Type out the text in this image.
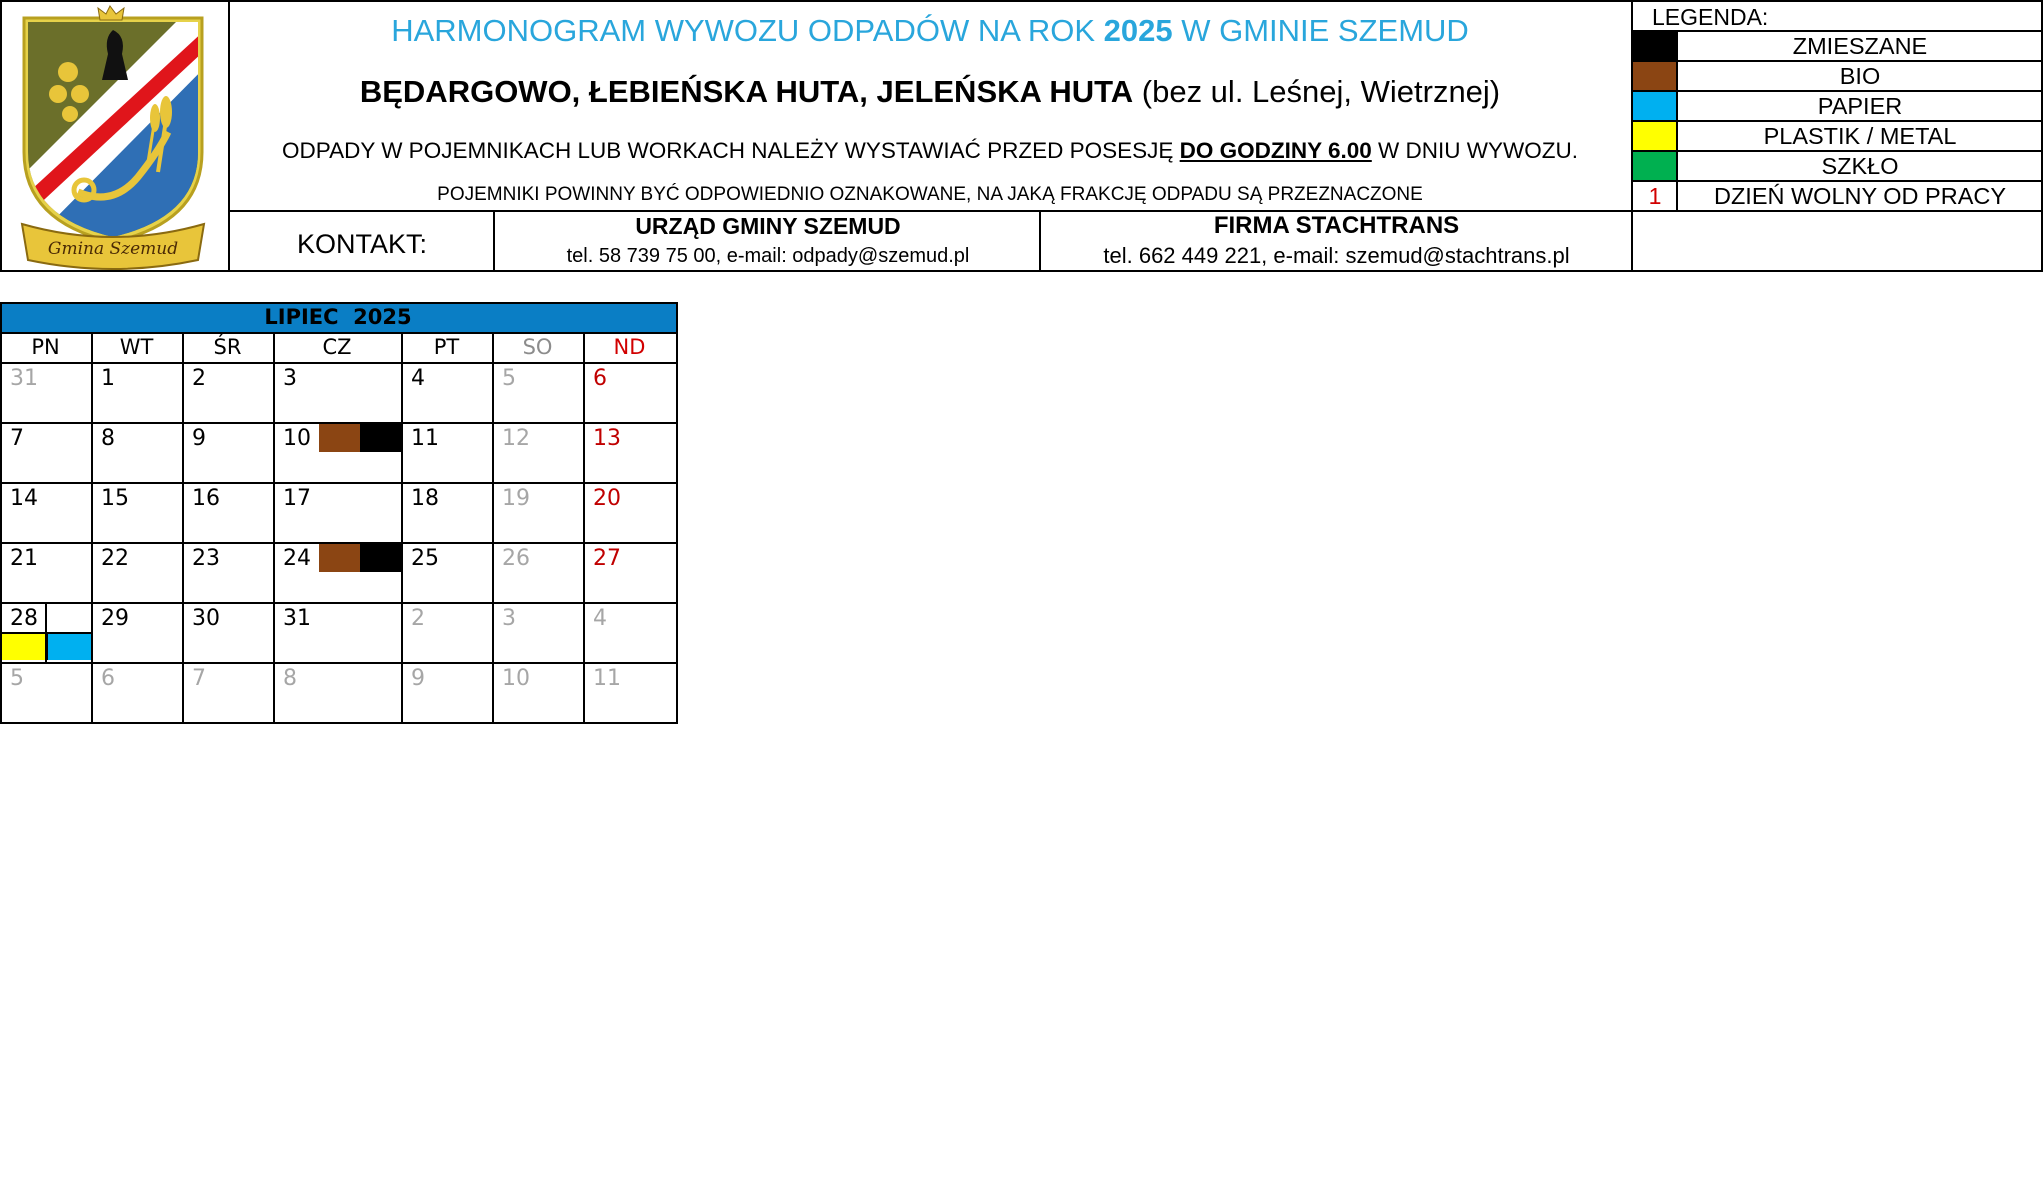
Gmina Szemud
HARMONOGRAM WYWOZU ODPADÓW NA ROK 2025 W GMINIE SZEMUD
BĘDARGOWO, ŁEBIEŃSKA HUTA, JELEŃSKA HUTA (bez ul. Leśnej, Wietrznej)
ODPADY W POJEMNIKACH LUB WORKACH NALEŻY WYSTAWIAĆ PRZED POSESJĘ DO GODZINY 6.00 W DNIU WYWOZU.
POJEMNIKI POWINNY BYĆ ODPOWIEDNIO OZNAKOWANE, NA JAKĄ FRAKCJĘ ODPADU SĄ PRZEZNACZONE
KONTAKT:
URZĄD GMINY SZEMUD
tel. 58 739 75 00, e-mail: odpady@szemud.pl
FIRMA STACHTRANS
tel. 662 449 221, e-mail: szemud@stachtrans.pl
LEGENDA:
ZMIESZANE
BIO
PAPIER
PLASTIK / METAL
SZKŁO
1	DZIEŃ WOLNY OD PRACY
LIPIEC  2025
PN	WT	ŚR	CZ	PT	SO	ND
31	1	2	3	4	5	6
7	8	9	10	11	12	13
14	15	16	17	18	19	20
21	22	23	24	25	26	27
28	29	30	31	2	3	4
5	6	7	8	9	10	11
